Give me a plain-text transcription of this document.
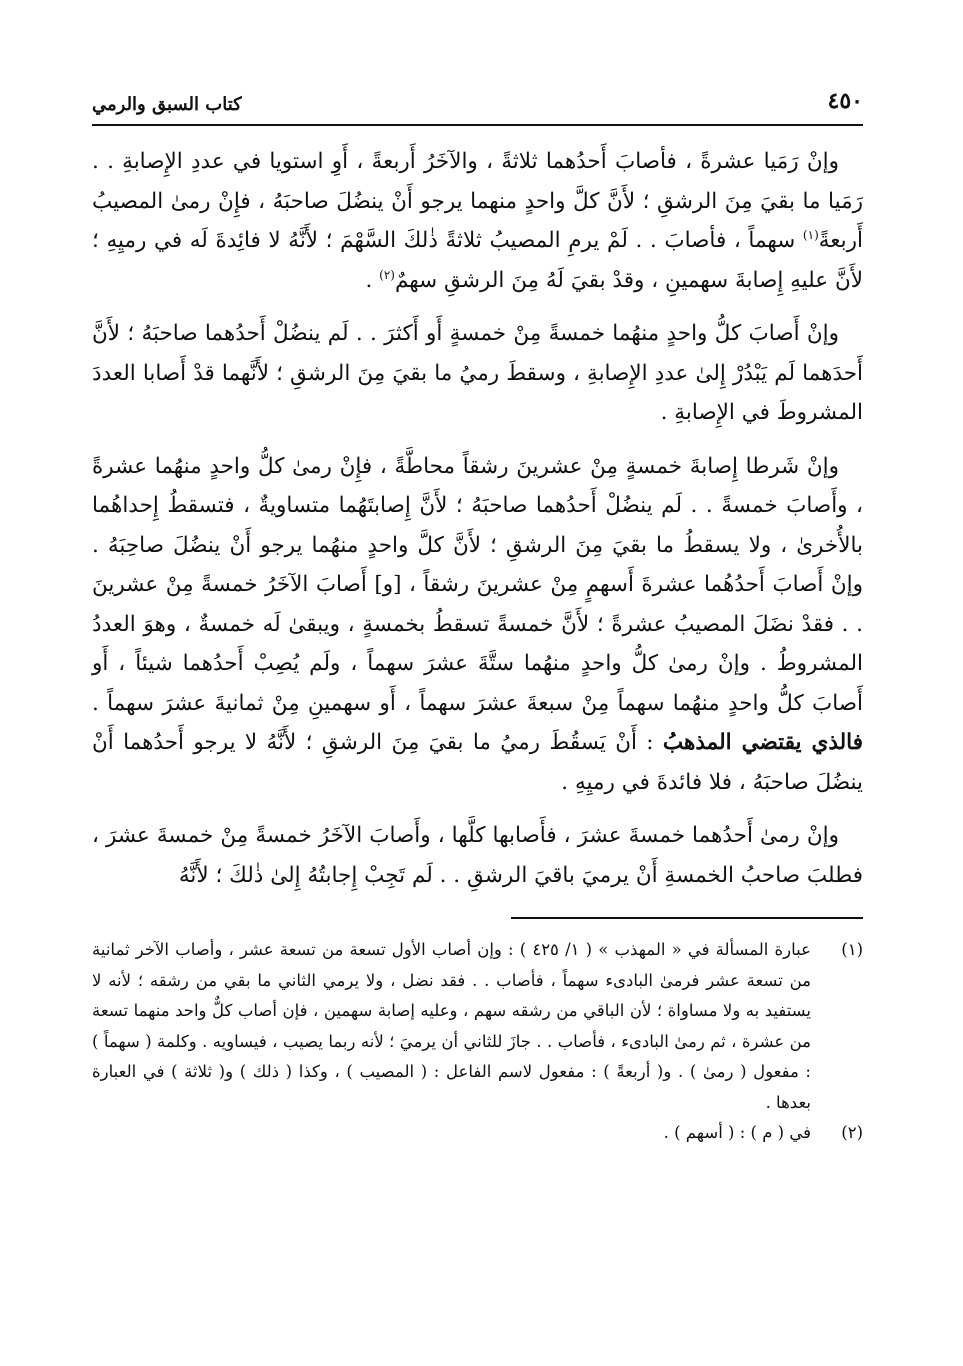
٤٥٠
كتاب السبق والرمي

وإنْ رَمَيا عشرةً ، فأصابَ أَحدُهما ثلاثةً ، والآخَرُ أَربعةً ، أَوِ استويا في عددِ الإِصابةِ . . رَمَيا ما بقيَ مِنَ الرشقِ ؛ لأَنَّ كلَّ واحدٍ منهما يرجو أَنْ ينضُلَ صاحبَهُ ، فإِنْ رمىٰ المصيبُ أَربعةً$^{(١)}$ سهماً ، فأصابَ . . لَمْ يرمِ المصيبُ ثلاثةً ذٰلكَ السَّهْمَ ؛ لأَنَّهُ لا فائِدةَ لَه في رميِهِ ؛ لأَنَّ عليهِ إِصابةَ سهمينِ ، وقدْ بقيَ لَهُ مِنَ الرشقِ سهمٌ$^{(٢)}$ .

وإنْ أَصابَ كلُّ واحدٍ منهُما خمسةً مِنْ خمسةٍ أَو أَكثرَ . . لَم ينضُلْ أَحدُهما صاحبَهُ ؛ لأَنَّ أَحدَهما لَم يَبْدُرْ إِلىٰ عددِ الإِصابةِ ، وسقطَ رميُ ما بقيَ مِنَ الرشقِ ؛ لأَنَّهما قدْ أَصابا العددَ المشروطَ في الإِصابةِ .

وإنْ شَرطا إِصابةَ خمسةٍ مِنْ عشرينَ رشقاً محاطَّةً ، فإِنْ رمىٰ كلُّ واحدٍ منهُما عشرةً ، وأَصابَ خمسةً . . لَم ينضُلْ أَحدُهما صاحبَهُ ؛ لأَنَّ إِصابتَهُما متساويةٌ ، فتسقطُ إِحداهُما بالأُخرىٰ ، ولا يسقطُ ما بقيَ مِنَ الرشقِ ؛ لأَنَّ كلَّ واحدٍ منهُما يرجو أَنْ ينضُلَ صاحِبَهُ . وإنْ أَصابَ أَحدُهُما عشرةَ أَسهمٍ مِنْ عشرينَ رشقاً ، [و] أَصابَ الآخَرُ خمسةً مِنْ عشرينَ . . فقدْ نضَلَ المصيبُ عشرةً ؛ لأَنَّ خمسةً تسقطُ بخمسةٍ ، ويبقىٰ لَه خمسةٌ ، وهوَ العددُ المشروطُ . وإنْ رمىٰ كلُّ واحدٍ منهُما ستَّةَ عشرَ سهماً ، ولَم يُصِبْ أَحدُهما شيئاً ، أَو أَصابَ كلُّ واحدٍ منهُما سهماً مِنْ سبعةَ عشرَ سهماً ، أَو سهمينِ مِنْ ثمانيةَ عشرَ سهماً . فالذي يقتضي المذهبُ : أَنْ يَسقُطَ رميُ ما بقيَ مِنَ الرشقِ ؛ لأَنَّهُ لا يرجو أَحدُهما أَنْ ينضُلَ صاحبَهُ ، فلا فائدةَ في رميِهِ .

وإنْ رمىٰ أَحدُهما خمسةَ عشرَ ، فأَصابها كلَّها ، وأَصابَ الآخَرُ خمسةً مِنْ خمسةَ عشرَ ، فطلبَ صاحبُ الخمسةِ أَنْ يرميَ باقيَ الرشقِ . . لَم تَجِبْ إِجابتُهُ إِلىٰ ذٰلكَ ؛ لأَنَّهُ

(١)
عبارة المسألة في « المهذب » ( ١/ ٤٢٥ ) : وإن أصاب الأول تسعة من تسعة عشر ، وأصاب الآخر ثمانية من تسعة عشر فرمىٰ البادىء سهماً ، فأصاب . . فقد نضل ، ولا يرمي الثاني ما بقي من رشقه ؛ لأنه لا يستفيد به ولا مساواة ؛ لأن الباقي من رشقه سهم ، وعليه إصابة سهمين ، فإن أصاب كلٌّ واحد منهما تسعة من عشرة ، ثم رمىٰ البادىء ، فأصاب . . جازَ للثاني أن يرميَ ؛ لأنه ربما يصيب ، فيساويه . وكلمة ( سهماً ) : مفعول ( رمىٰ ) . و( أربعةً ) : مفعول لاسم الفاعل : ( المصيب ) ، وكذا ( ذلك ) و( ثلاثة ) في العبارة بعدها .
(٢)
في ( م ) : ( أسهم ) .
